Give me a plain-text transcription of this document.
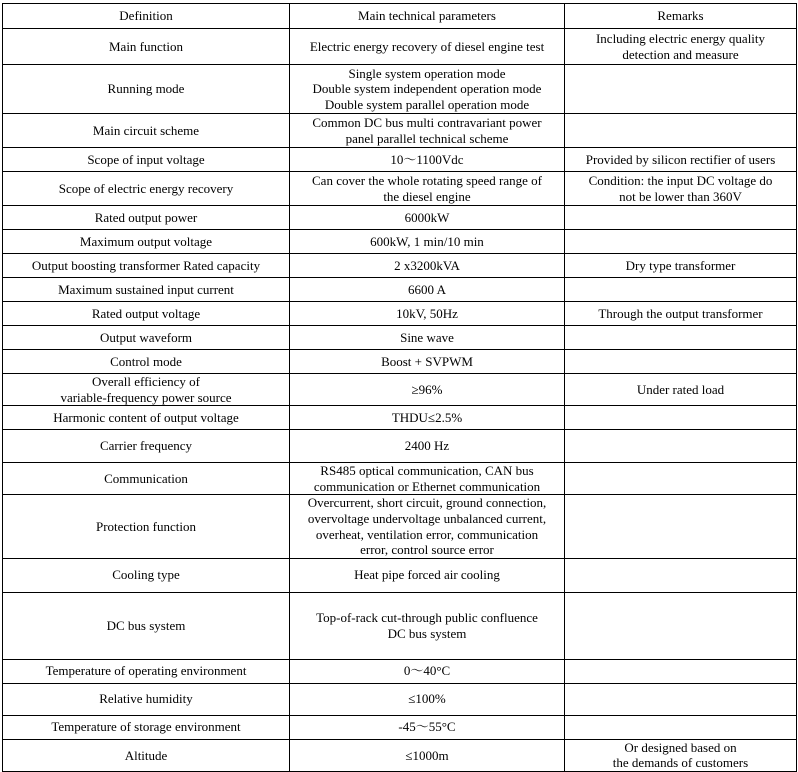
Definition	Main technical parameters	Remarks

Main function	Electric energy recovery of diesel engine test	Including electric energy quality
detection and measure

Running mode	Single system operation mode
Double system independent operation mode
Double system parallel operation mode	

Main circuit scheme	Common DC bus multi contravariant power
panel parallel technical scheme	

Scope of input voltage	10～1100Vdc	Provided by silicon rectifier of users

Scope of electric energy recovery	Can cover the whole rotating speed range of
the diesel engine	Condition: the input DC voltage do
not be lower than 360V

Rated output power	6000kW	

Maximum output voltage	600kW, 1 min/10 min	

Output boosting transformer Rated capacity	2 x3200kVA	Dry type transformer

Maximum sustained input current	6600 A	

Rated output voltage	10kV, 50Hz	Through the output transformer

Output waveform	Sine wave	

Control mode	Boost + SVPWM	

Overall efficiency of
variable-frequency power source	≥96%	Under rated load

Harmonic content of output voltage	THDU≤2.5%	

Carrier frequency	2400 Hz	

Communication	RS485 optical communication, CAN bus
communication or Ethernet communication	

Protection function	Overcurrent, short circuit, ground connection,
overvoltage undervoltage unbalanced current,
overheat, ventilation error, communication
error, control source error	

Cooling type	Heat pipe forced air cooling	

DC bus system	Top-of-rack cut-through public confluence
DC bus system	

Temperature of operating environment	0～40°C	

Relative humidity	≤100%	

Temperature of storage environment	-45～55°C	

Altitude	≤1000m	Or designed based on
the demands of customers
